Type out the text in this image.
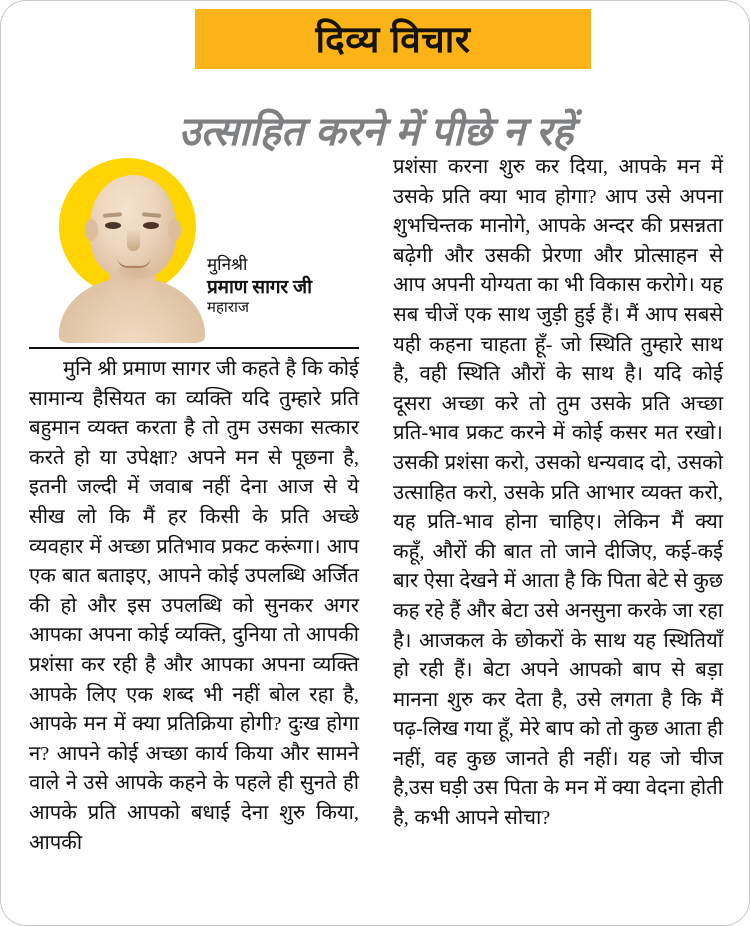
दिव्य विचार
उत्साहित करने में पीछे न रहें
मुनिश्री
प्रमाण सागर जी
महाराज

मुनि श्री प्रमाण सागर जी कहते है कि कोई सामान्य हैसियत का व्यक्ति यदि तुम्हारे प्रति बहुमान व्यक्त करता है तो तुम उसका सत्कार करते हो या उपेक्षा? अपने मन से पूछना है, इतनी जल्दी में जवाब नहीं देना आज से ये सीख लो कि मैं हर किसी के प्रति अच्छे व्यवहार में अच्छा प्रतिभाव प्रकट करूंगा। आप एक बात बताइए, आपने कोई उपलब्धि अर्जित की हो और इस उपलब्धि को सुनकर अगर आपका अपना कोई व्यक्ति, दुनिया तो आपकी प्रशंसा कर रही है और आपका अपना व्यक्ति आपके लिए एक शब्द भी नहीं बोल रहा है, आपके मन में क्या प्रतिक्रिया होगी? दुःख होगा न? आपने कोई अच्छा कार्य किया और सामने वाले ने उसे आपके कहने के पहले ही सुनते ही आपके प्रति आपको बधाई देना शुरु किया, आपकी

प्रशंसा करना शुरु कर दिया, आपके मन में उसके प्रति क्या भाव होगा? आप उसे अपना शुभचिन्तक मानोगे, आपके अन्दर की प्रसन्नता बढ़ेगी और उसकी प्रेरणा और प्रोत्साहन से आप अपनी योग्यता का भी विकास करोगे। यह सब चीजें एक साथ जुड़ी हुई हैं। मैं आप सबसे यही कहना चाहता हूँ- जो स्थिति तुम्हारे साथ है, वही स्थिति औरों के साथ है। यदि कोई दूसरा अच्छा करे तो तुम उसके प्रति अच्छा प्रति-भाव प्रकट करने में कोई कसर मत रखो। उसकी प्रशंसा करो, उसको धन्यवाद दो, उसको उत्साहित करो, उसके प्रति आभार व्यक्त करो, यह प्रति-भाव होना चाहिए। लेकिन मैं क्या कहूँ, औरों की बात तो जाने दीजिए, कई-कई बार ऐसा देखने में आता है कि पिता बेटे से कुछ कह रहे हैं और बेटा उसे अनसुना करके जा रहा है। आजकल के छोकरों के साथ यह स्थितियाँ हो रही हैं। बेटा अपने आपको बाप से बड़ा मानना शुरु कर देता है, उसे लगता है कि मैं पढ़-लिख गया हूँ, मेरे बाप को तो कुछ आता ही नहीं, वह कुछ जानते ही नहीं। यह जो चीज है,उस घड़ी उस पिता के मन में क्या वेदना होती है, कभी आपने सोचा?
